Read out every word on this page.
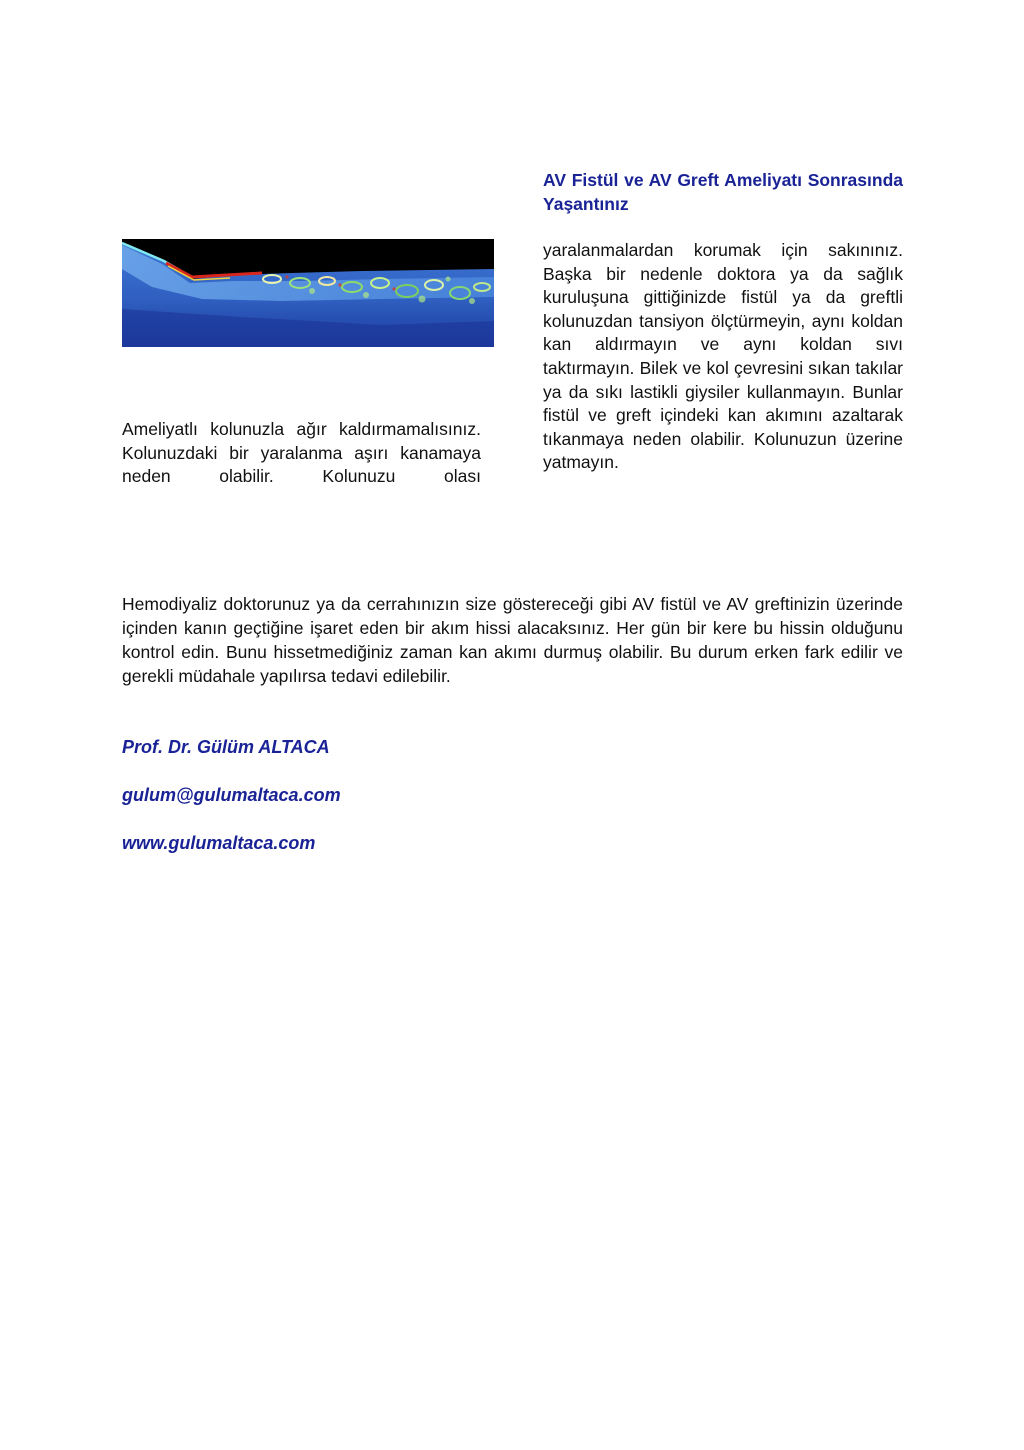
AV Fistül ve AV Greft Ameliyatı Sonrasında Yaşantınız
Ameliyatlı kolunuzla ağır kaldırmamalısınız. Kolunuzdaki bir yaralanma aşırı kanamaya neden olabilir. Kolunuzu olası
yaralanmalardan korumak için sakınınız. Başka bir nedenle doktora ya da sağlık kuruluşuna gittiğinizde fistül ya da greftli kolunuzdan tansiyon ölçtürmeyin, aynı koldan kan aldırmayın ve aynı koldan sıvı taktırmayın. Bilek ve kol çevresini sıkan takılar ya da sıkı lastikli giysiler kullanmayın. Bunlar fistül ve greft içindeki kan akımını azaltarak tıkanmaya neden olabilir. Kolunuzun üzerine yatmayın.
Hemodiyaliz doktorunuz ya da cerrahınızın size göstereceği gibi AV fistül ve AV greftinizin üzerinde içinden kanın geçtiğine işaret eden bir akım hissi alacaksınız. Her gün bir kere bu hissin olduğunu kontrol edin. Bunu hissetmediğiniz zaman kan akımı durmuş olabilir. Bu durum erken fark edilir ve gerekli müdahale yapılırsa tedavi edilebilir.
Prof. Dr. Gülüm ALTACA
gulum@gulumaltaca.com
www.gulumaltaca.com
